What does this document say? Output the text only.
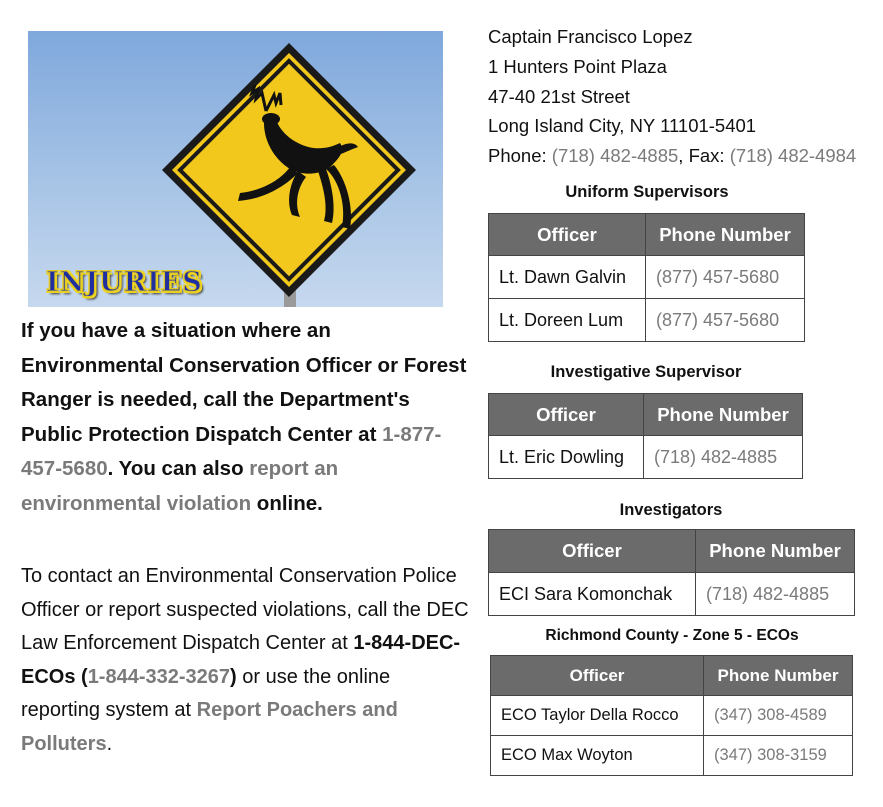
INJURIES
If you have a situation where an Environmental Conservation Officer or Forest Ranger is needed, call the Department's Public Protection Dispatch Center at 1-877-457-5680. You can also report an environmental violation online.
To contact an Environmental Conservation Police Officer or report suspected violations, call the DEC Law Enforcement Dispatch Center at 1-844-DEC-ECOs (1-844-332-3267) or use the online reporting system at Report Poachers and Polluters.
Captain Francisco Lopez
1 Hunters Point Plaza
47-40 21st Street
Long Island City, NY 11101-5401
Phone: (718) 482-4885, Fax: (718) 482-4984
Uniform Supervisors
Officer	Phone Number
Lt. Dawn Galvin	(877) 457-5680
Lt. Doreen Lum	(877) 457-5680
Investigative Supervisor
Officer	Phone Number
Lt. Eric Dowling	(718) 482-4885
Investigators
Officer	Phone Number
ECI Sara Komonchak	(718) 482-4885
Richmond County - Zone 5 - ECOs
Officer	Phone Number
ECO Taylor Della Rocco	(347) 308-4589
ECO Max Woyton	(347) 308-3159
